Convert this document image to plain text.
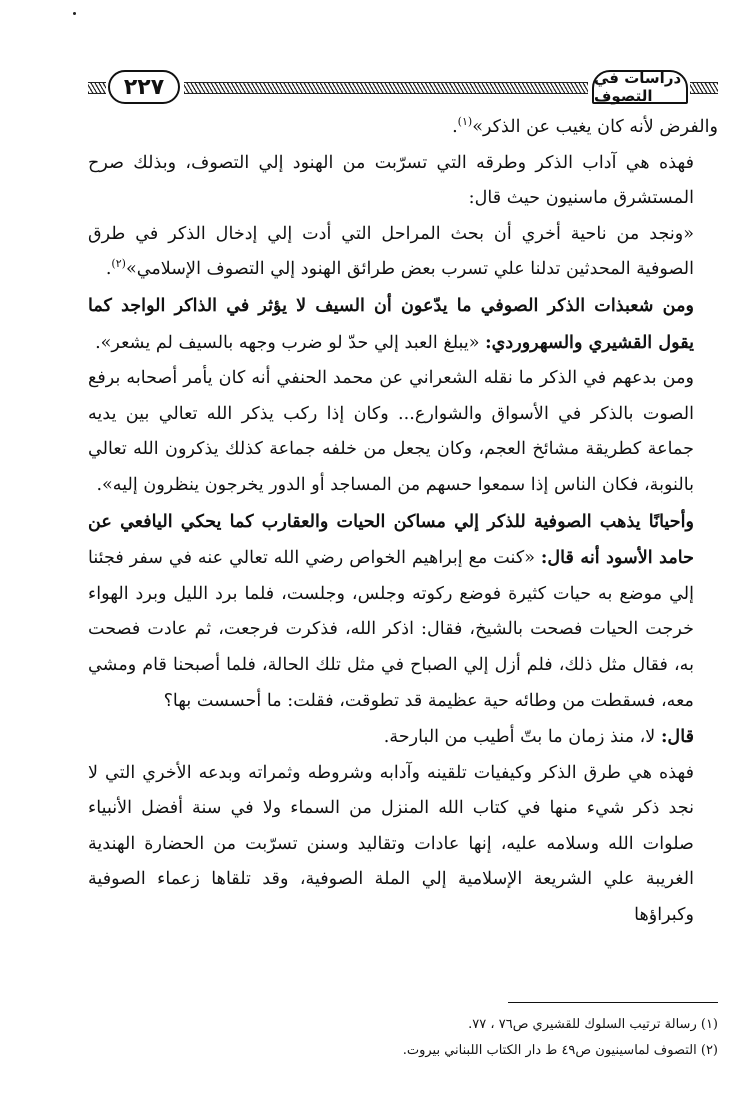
٢٢٧	دراسات في التصوف

والفرض لأنه كان يغيب عن الذكر»$^{(١)}$.

فهذه هي آداب الذكر وطرقه التي تسرّبت من الهنود إلي التصوف، وبذلك صرح المستشرق ماسنيون حيث قال:

«ونجد من ناحية أخري أن بحث المراحل التي أدت إلي إدخال الذكر في طرق الصوفية المحدثين تدلنا علي تسرب بعض طرائق الهنود إلي التصوف الإسلامي»$^{(٢)}$.

ومن شعبذات الذكر الصوفي ما يدّعون أن السيف لا يؤثر في الذاكر الواجد كما يقول القشيري والسهروردي: «يبلغ العبد إلي حدّ لو ضرب وجهه بالسيف لم يشعر».

ومن بدعهم في الذكر ما نقله الشعراني عن محمد الحنفي أنه كان يأمر أصحابه برفع الصوت بالذكر في الأسواق والشوارع... وكان إذا ركب يذكر الله تعالي بين يديه جماعة كطريقة مشائخ العجم، وكان يجعل من خلفه جماعة كذلك يذكرون الله تعالي بالنوبة، فكان الناس إذا سمعوا حسهم من المساجد أو الدور يخرجون ينظرون إليه».

وأحيانًا يذهب الصوفية للذكر إلي مساكن الحيات والعقارب كما يحكي اليافعي عن حامد الأسود أنه قال: «كنت مع إبراهيم الخواص رضي الله تعالي عنه في سفر فجئنا إلي موضع به حيات كثيرة فوضع ركوته وجلس، وجلست، فلما برد الليل وبرد الهواء خرجت الحيات فصحت بالشيخ، فقال: اذكر الله، فذكرت فرجعت، ثم عادت فصحت به، فقال مثل ذلك، فلم أزل إلي الصباح في مثل تلك الحالة، فلما أصبحنا قام ومشي معه، فسقطت من وطائه حية عظيمة قد تطوقت، فقلت: ما أحسست بها؟

قال: لا، منذ زمان ما بتّ أطيب من البارحة.

فهذه هي طرق الذكر وكيفيات تلقينه وآدابه وشروطه وثمراته وبدعه الأخري التي لا نجد ذكر شيء منها في كتاب الله المنزل من السماء ولا في سنة أفضل الأنبياء صلوات الله وسلامه عليه، إنها عادات وتقاليد وسنن تسرّبت من الحضارة الهندية الغريبة علي الشريعة الإسلامية إلي الملة الصوفية، وقد تلقاها زعماء الصوفية وكبراؤها

(١) رسالة ترتيب السلوك للقشيري ص٧٦ ، ٧٧.
(٢) التصوف لماسينيون ص٤٩ ط دار الكتاب اللبناني بيروت.
